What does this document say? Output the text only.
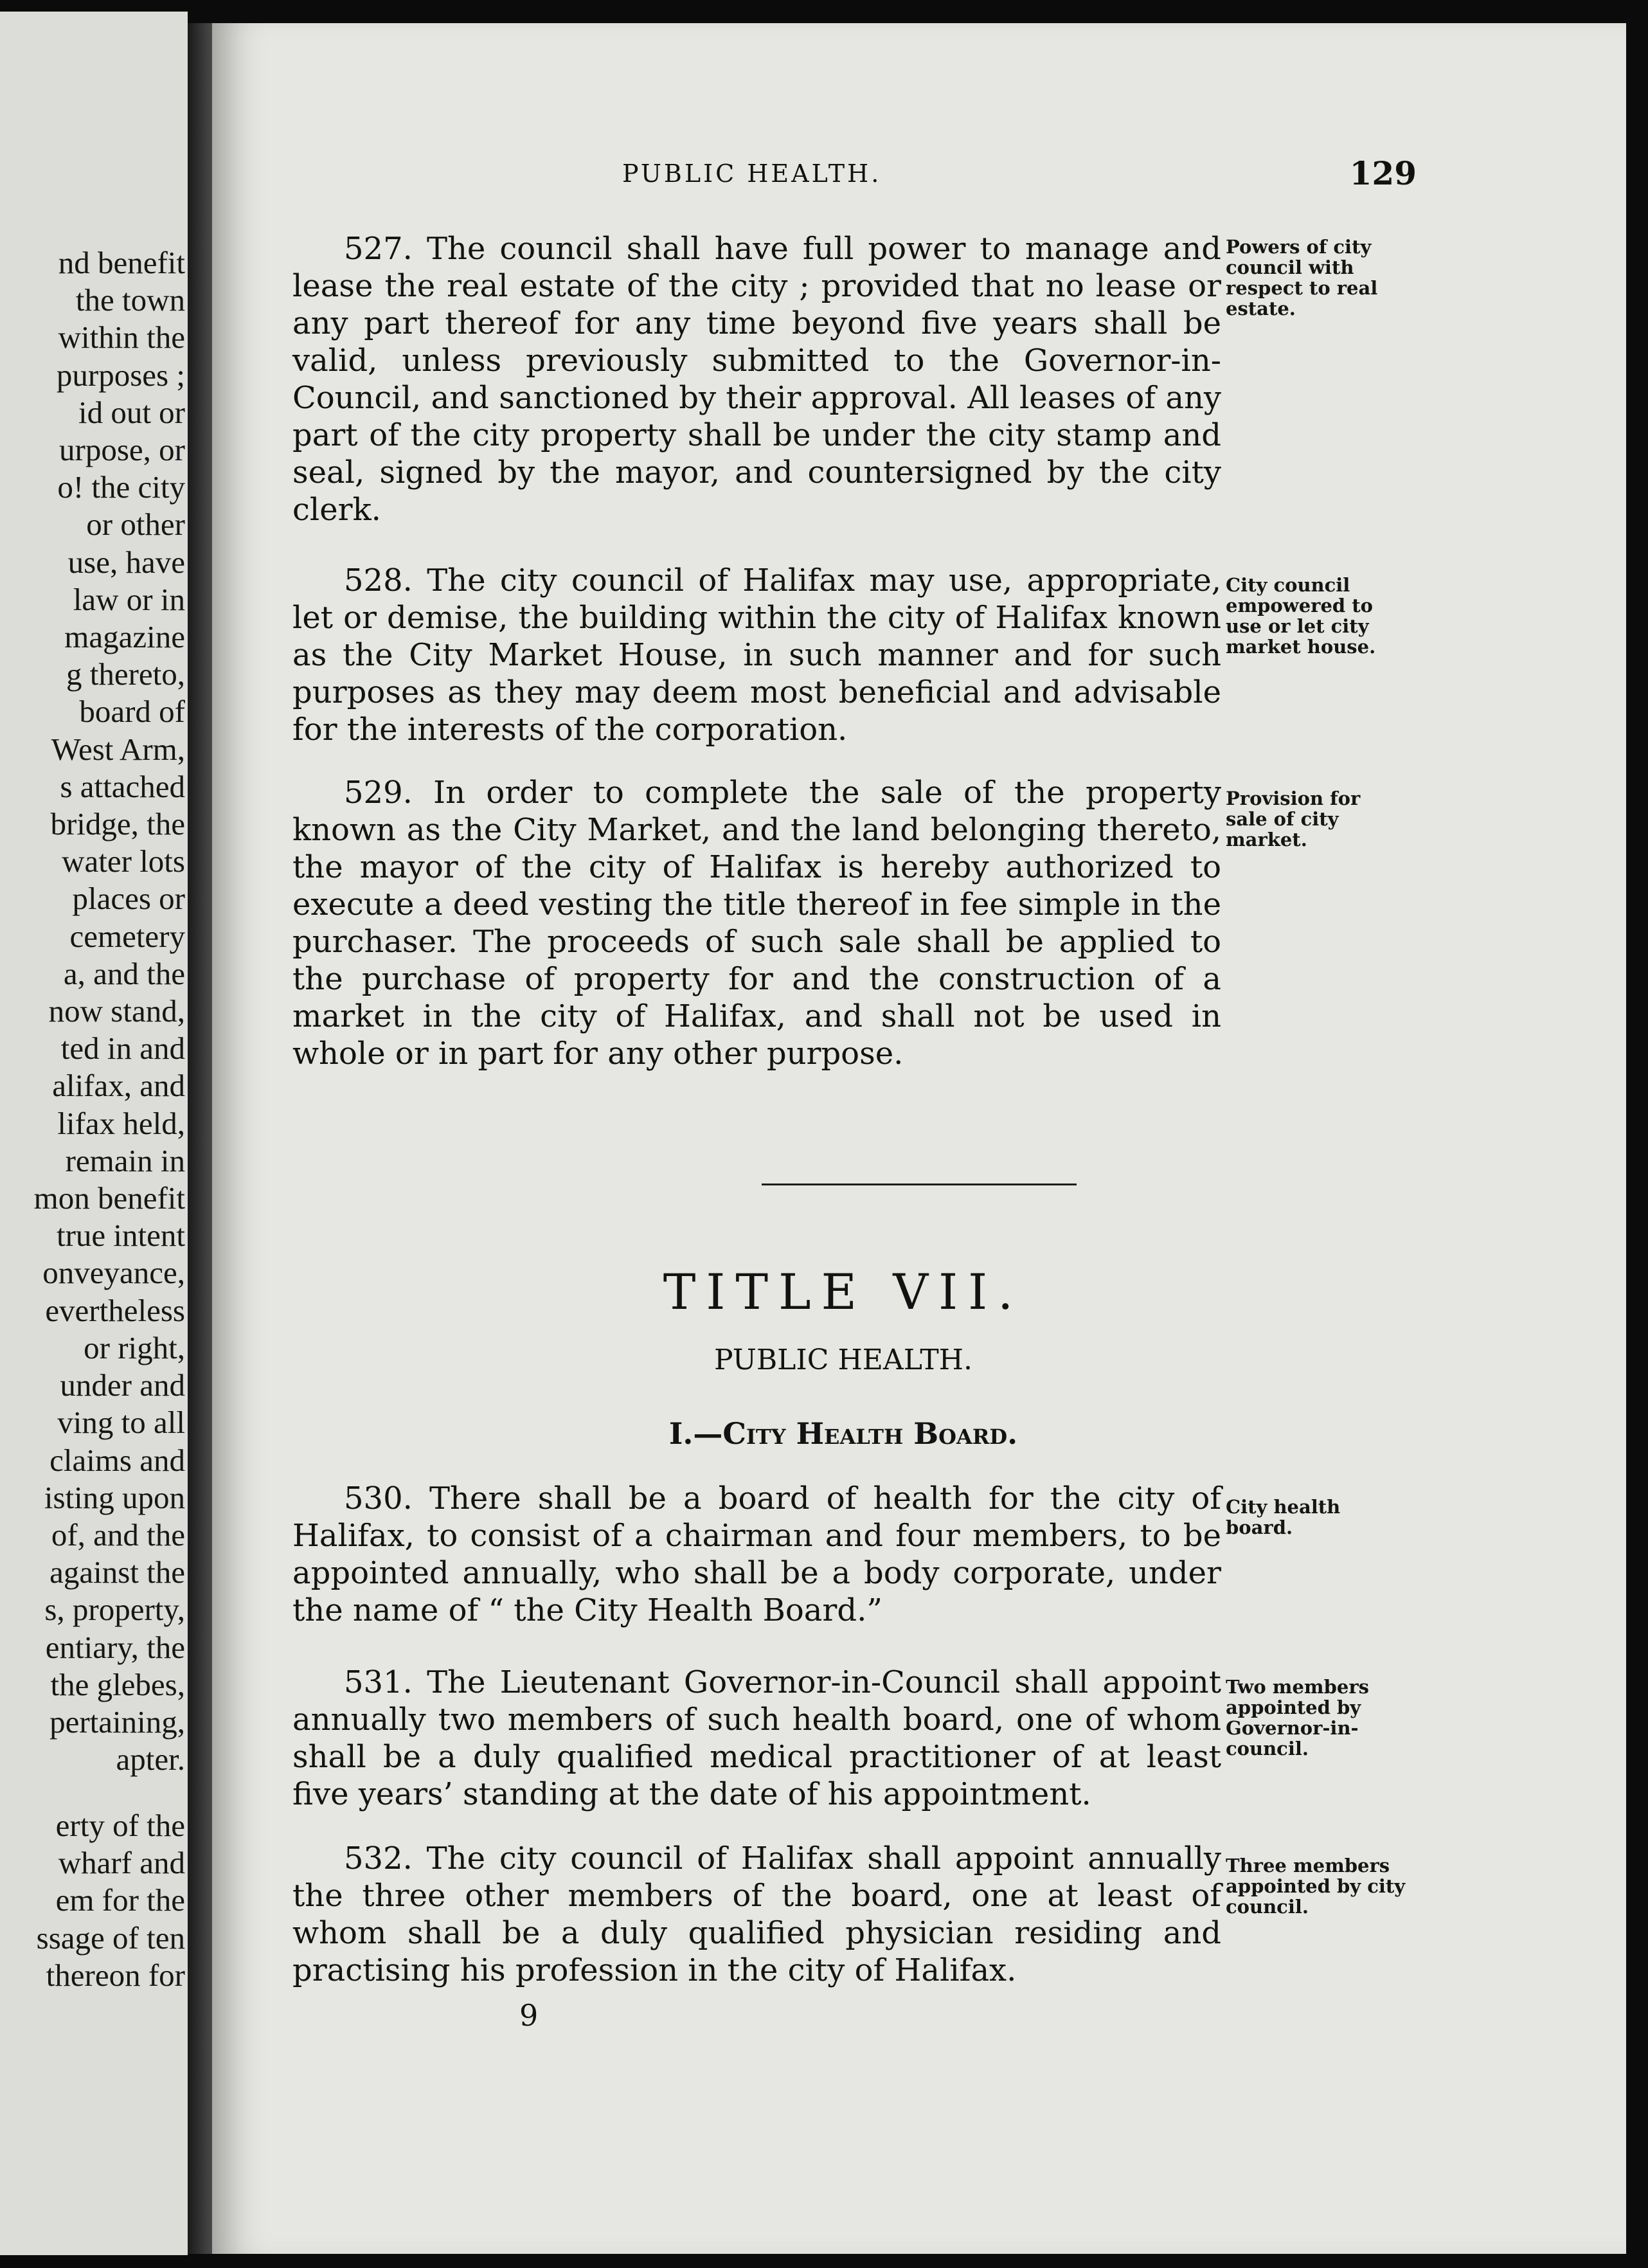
nd benefit
the town
within the
purposes ;
id out or
urpose, or
o! the city
or other
use, have
law or in
magazine
g thereto,
board of
West Arm,
s attached
bridge, the
water lots
places or
cemetery
a, and the
now stand,
ted in and
alifax, and
lifax held,
remain in
mon benefit
true intent
onveyance,
evertheless
or right,
under and
ving to all
claims and
isting upon
of, and the
against the
s, property,
entiary, the
the glebes,
pertaining,
apter.
erty of the
wharf and
em for the
ssage of ten
thereon for
PUBLIC HEALTH.	129

527. The council shall have full power to manage and lease the real estate of the city ; provided that no lease or any part thereof for any time beyond five years shall be valid, unless previously submitted to the Governor-in-Council, and sanctioned by their approval. All leases of any part of the city property shall be under the city stamp and seal, signed by the mayor, and countersigned by the city clerk.

Powers of city council with respect to real estate.

528. The city council of Halifax may use, appropriate, let or demise, the building within the city of Halifax known as the City Market House, in such manner and for such purposes as they may deem most beneficial and advisable for the interests of the corporation.

City council empowered to use or let city market house.

529. In order to complete the sale of the property known as the City Market, and the land belonging thereto, the mayor of the city of Halifax is hereby authorized to execute a deed vesting the title thereof in fee simple in the purchaser. The proceeds of such sale shall be applied to the purchase of property for and the construction of a market in the city of Halifax, and shall not be used in whole or in part for any other purpose.

Provision for sale of city market.

TITLE VII.
PUBLIC HEALTH.
I.—City Health Board.

530. There shall be a board of health for the city of Halifax, to consist of a chairman and four members, to be appointed annually, who shall be a body corporate, under the name of “ the City Health Board.”

City health board.

531. The Lieutenant Governor-in-Council shall appoint annually two members of such health board, one of whom shall be a duly qualified medical practitioner of at least five years’ standing at the date of his appointment.

Two members appointed by Governor-in-council.

532. The city council of Halifax shall appoint annually the three other members of the board, one at least of whom shall be a duly qualified physician residing and practising his profession in the city of Halifax.

Three members appointed by city council.

9
